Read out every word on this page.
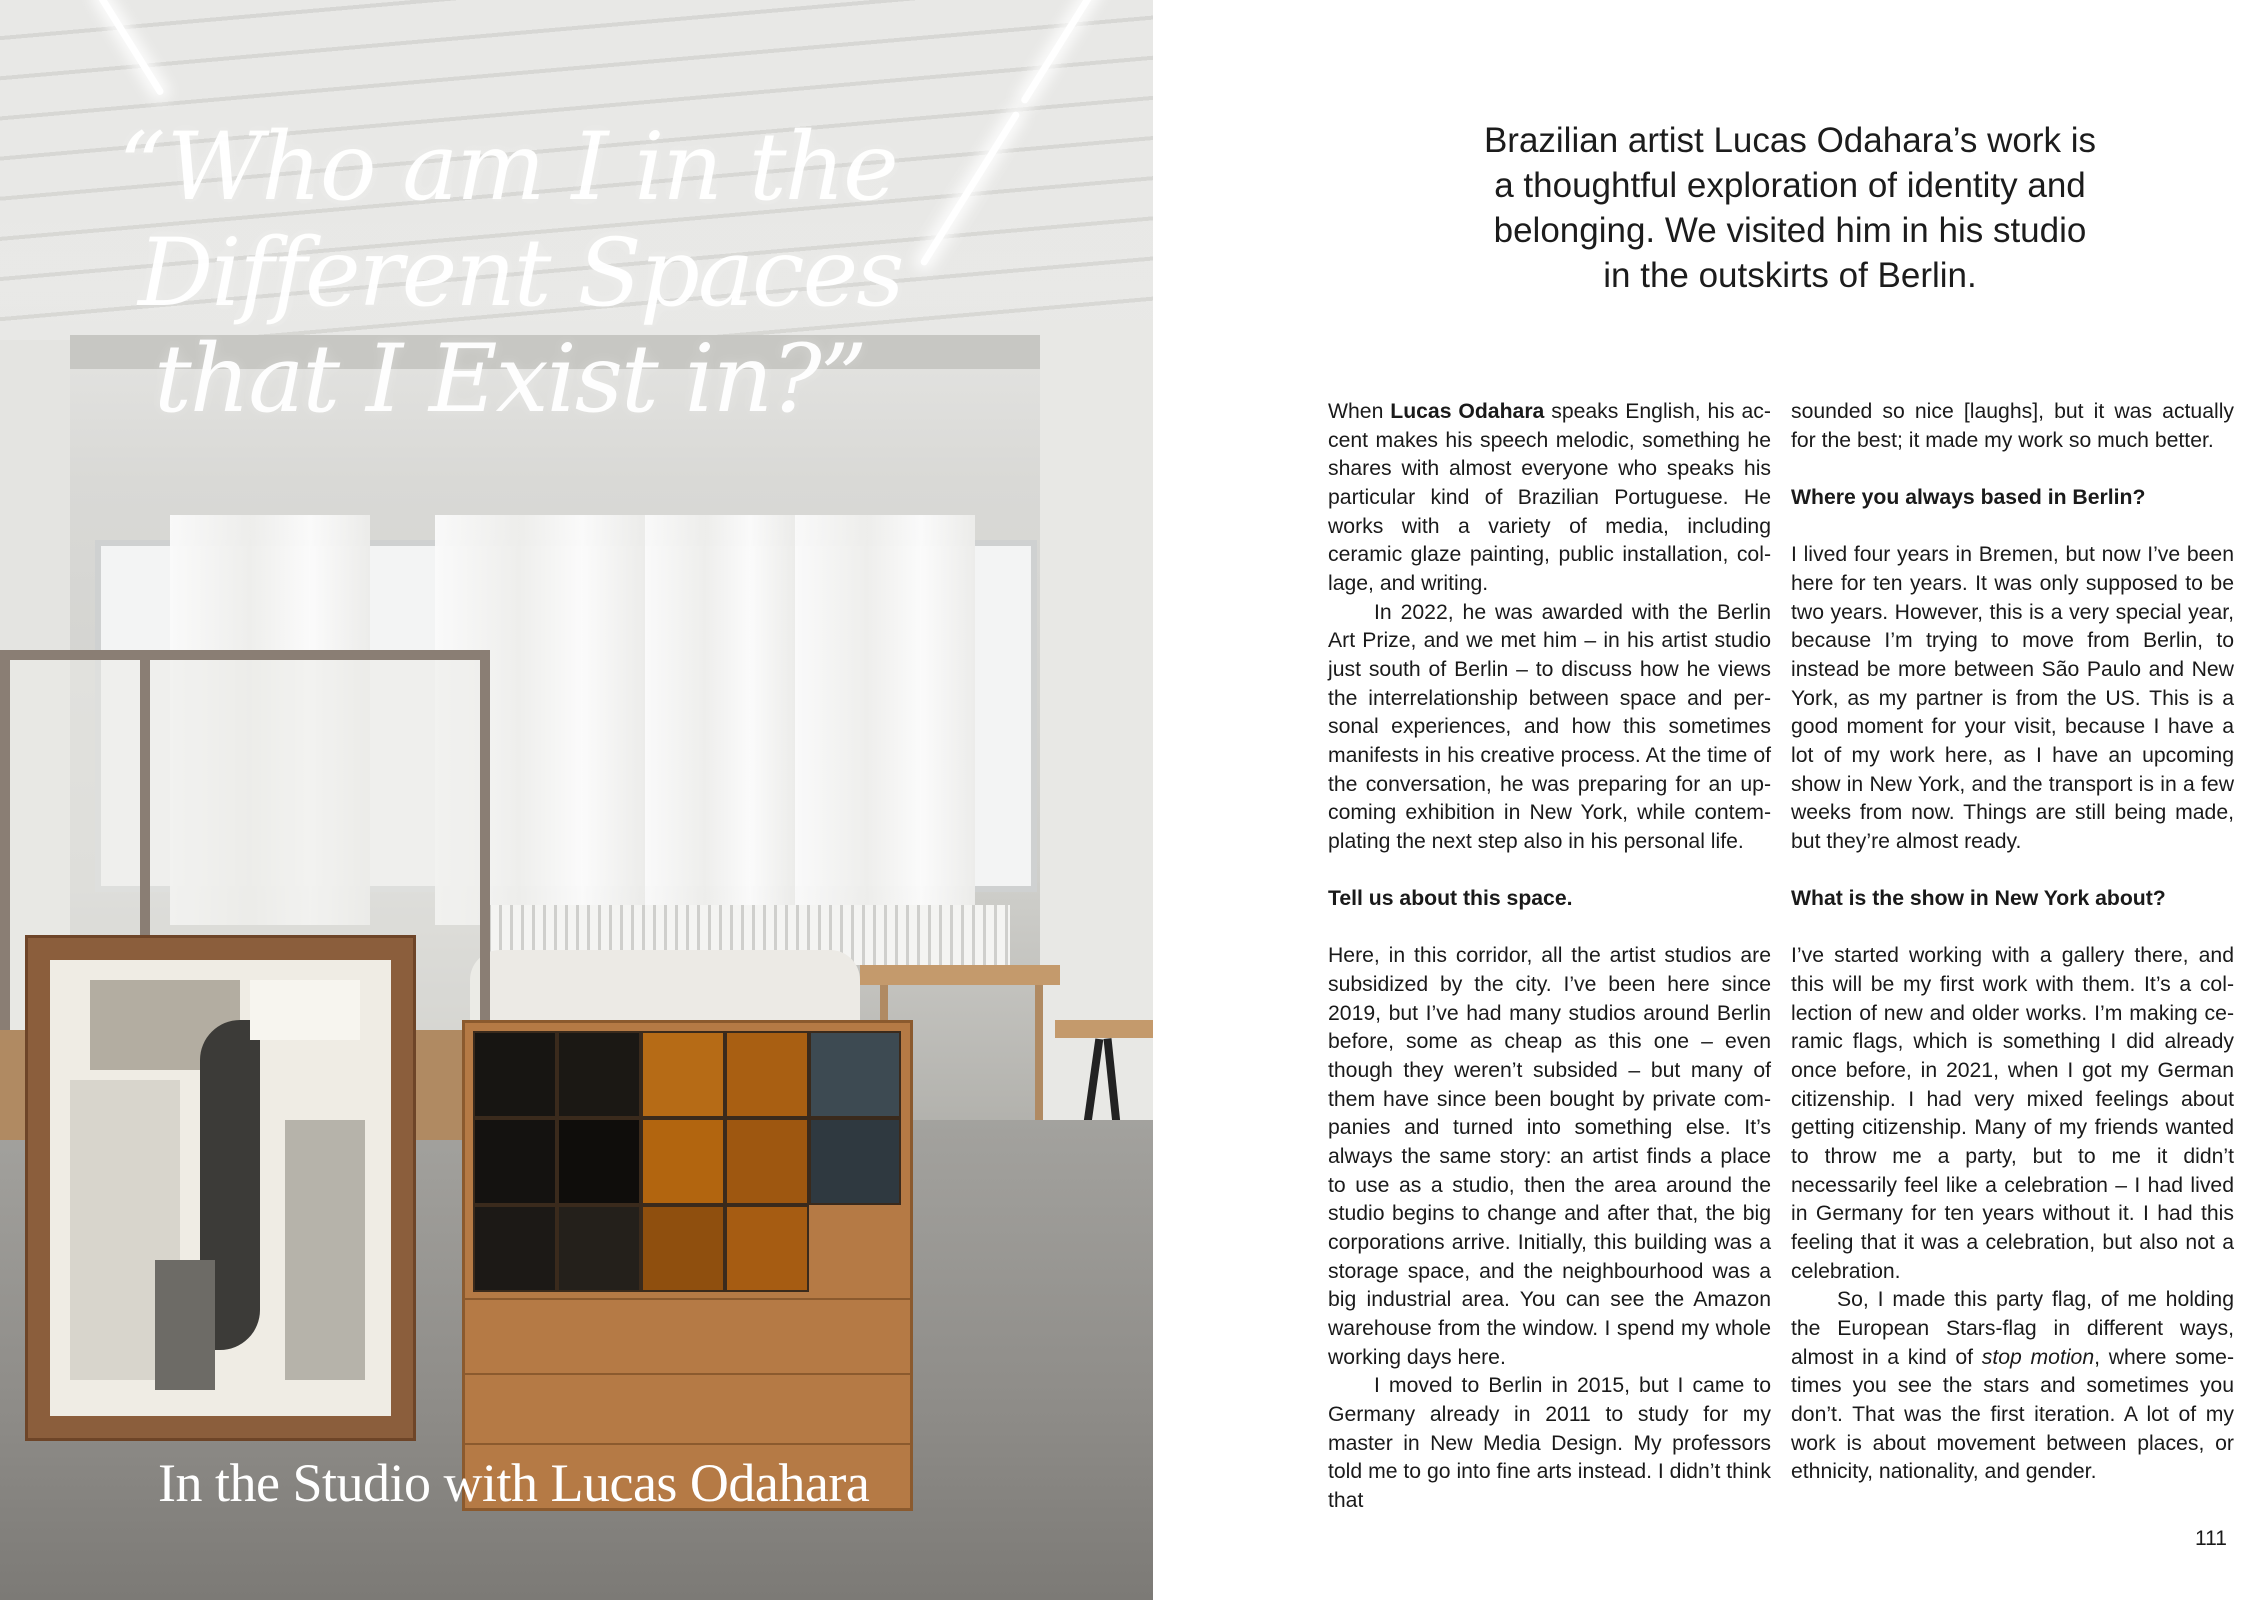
“Who am I in the
Different Spaces
that I Exist in?”
In the Studio with Lucas Odahara

Brazilian artist Lucas Odahara’s work is
a thoughtful exploration of identity and
belonging. We visited him in his studio
in the outskirts of Berlin.

When Lucas Odahara speaks English, his accent makes his speech melodic, something he shares with almost everyone who speaks his particular kind of Brazilian Portuguese. He works with a variety of media, including ceramic glaze painting, public installation, collage, and writing.

In 2022, he was awarded with the Berlin Art Prize, and we met him – in his artist studio just south of Berlin – to discuss how he views the interrelationship between space and personal experiences, and how this sometimes manifests in his creative process. At the time of the conversation, he was preparing for an upcoming exhibition in New York, while contemplating the next step also in his personal life.

Tell us about this space.

Here, in this corridor, all the artist studios are subsidized by the city. I’ve been here since 2019, but I’ve had many studios around Berlin before, some as cheap as this one – even though they weren’t subsided – but many of them have since been bought by private companies and turned into something else. It’s always the same story: an artist finds a place to use as a studio, then the area around the studio begins to change and after that, the big corporations arrive. Initially, this building was a storage space, and the neighbourhood was a big industrial area. You can see the Amazon warehouse from the window. I spend my whole working days here.

I moved to Berlin in 2015, but I came to Germany already in 2011 to study for my master in New Media Design. My professors told me to go into fine arts instead. I didn’t think that

sounded so nice [laughs], but it was actually for the best; it made my work so much better.

Where you always based in Berlin?

I lived four years in Bremen, but now I’ve been here for ten years. It was only supposed to be two years. However, this is a very special year, because I’m trying to move from Berlin, to instead be more between São Paulo and New York, as my partner is from the US. This is a good moment for your visit, because I have a lot of my work here, as I have an upcoming show in New York, and the transport is in a few weeks from now. Things are still being made, but they’re almost ready.

What is the show in New York about?

I’ve started working with a gallery there, and this will be my first work with them. It’s a collection of new and older works. I’m making ceramic flags, which is something I did already once before, in 2021, when I got my German citizenship. I had very mixed feelings about getting citizenship. Many of my friends wanted to throw me a party, but to me it didn’t necessarily feel like a celebration – I had lived in Germany for ten years without it. I had this feeling that it was a celebration, but also not a celebration.

So, I made this party flag, of me holding the European Stars-flag in different ways, almost in a kind of stop motion, where sometimes you see the stars and sometimes you don’t. That was the first iteration. A lot of my work is about movement between places, or ethnicity, nationality, and gender.

111
